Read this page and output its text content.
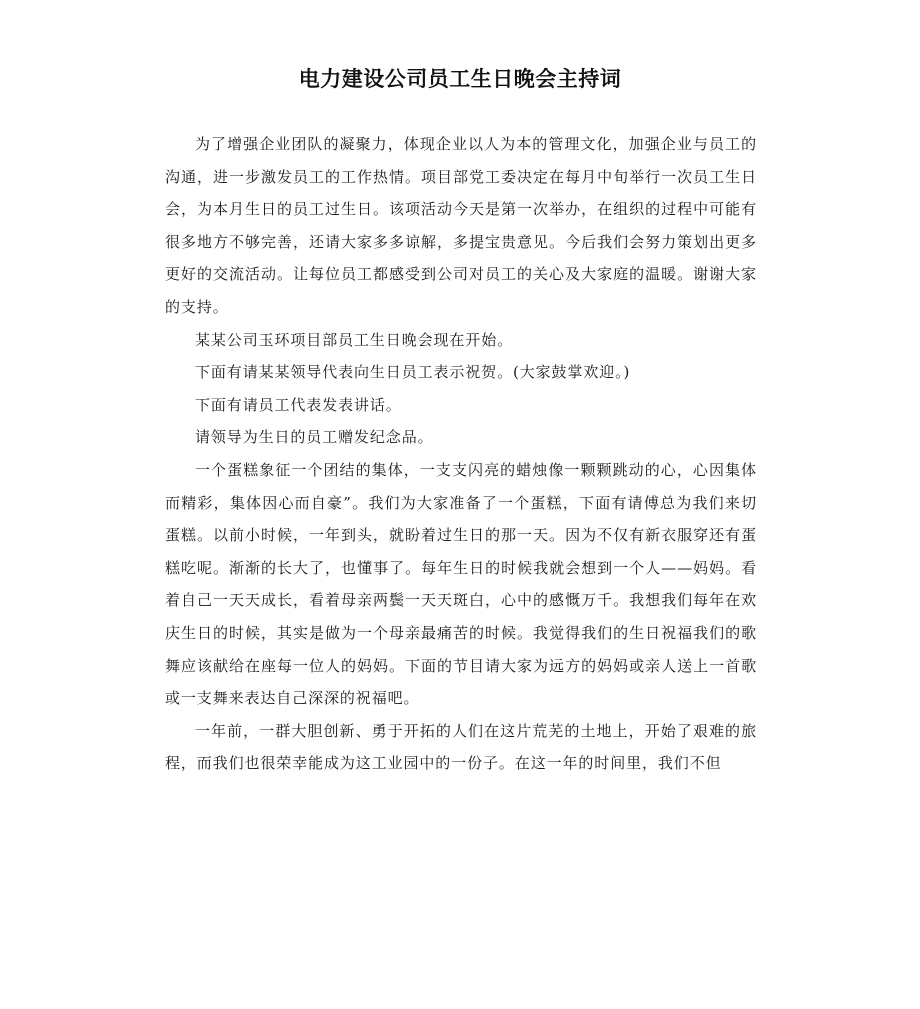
电力建设公司员工生日晚会主持词

为了增强企业团队的凝聚力，体现企业以人为本的管理文化，加强企业与员工的沟通，进一步激发员工的工作热情。项目部党工委决定在每月中旬举行一次员工生日会，为本月生日的员工过生日。该项活动今天是第一次举办，在组织的过程中可能有很多地方不够完善，还请大家多多谅解，多提宝贵意见。今后我们会努力策划出更多更好的交流活动。让每位员工都感受到公司对员工的关心及大家庭的温暖。谢谢大家的支持。

某某公司玉环项目部员工生日晚会现在开始。

下面有请某某领导代表向生日员工表示祝贺。(大家鼓掌欢迎。)

下面有请员工代表发表讲话。

请领导为生日的员工赠发纪念品。

一个蛋糕象征一个团结的集体，一支支闪亮的蜡烛像一颗颗跳动的心，心因集体而精彩，集体因心而自豪”。我们为大家准备了一个蛋糕，下面有请傅总为我们来切蛋糕。以前小时候，一年到头，就盼着过生日的那一天。因为不仅有新衣服穿还有蛋糕吃呢。渐渐的长大了，也懂事了。每年生日的时候我就会想到一个人——妈妈。看着自己一天天成长，看着母亲两鬓一天天斑白，心中的感慨万千。我想我们每年在欢庆生日的时候，其实是做为一个母亲最痛苦的时候。我觉得我们的生日祝福我们的歌舞应该献给在座每一位人的妈妈。下面的节目请大家为远方的妈妈或亲人送上一首歌或一支舞来表达自己深深的祝福吧。

一年前，一群大胆创新、勇于开拓的人们在这片荒芜的土地上，开始了艰难的旅程，而我们也很荣幸能成为这工业园中的一份子。在这一年的时间里，我们不但
